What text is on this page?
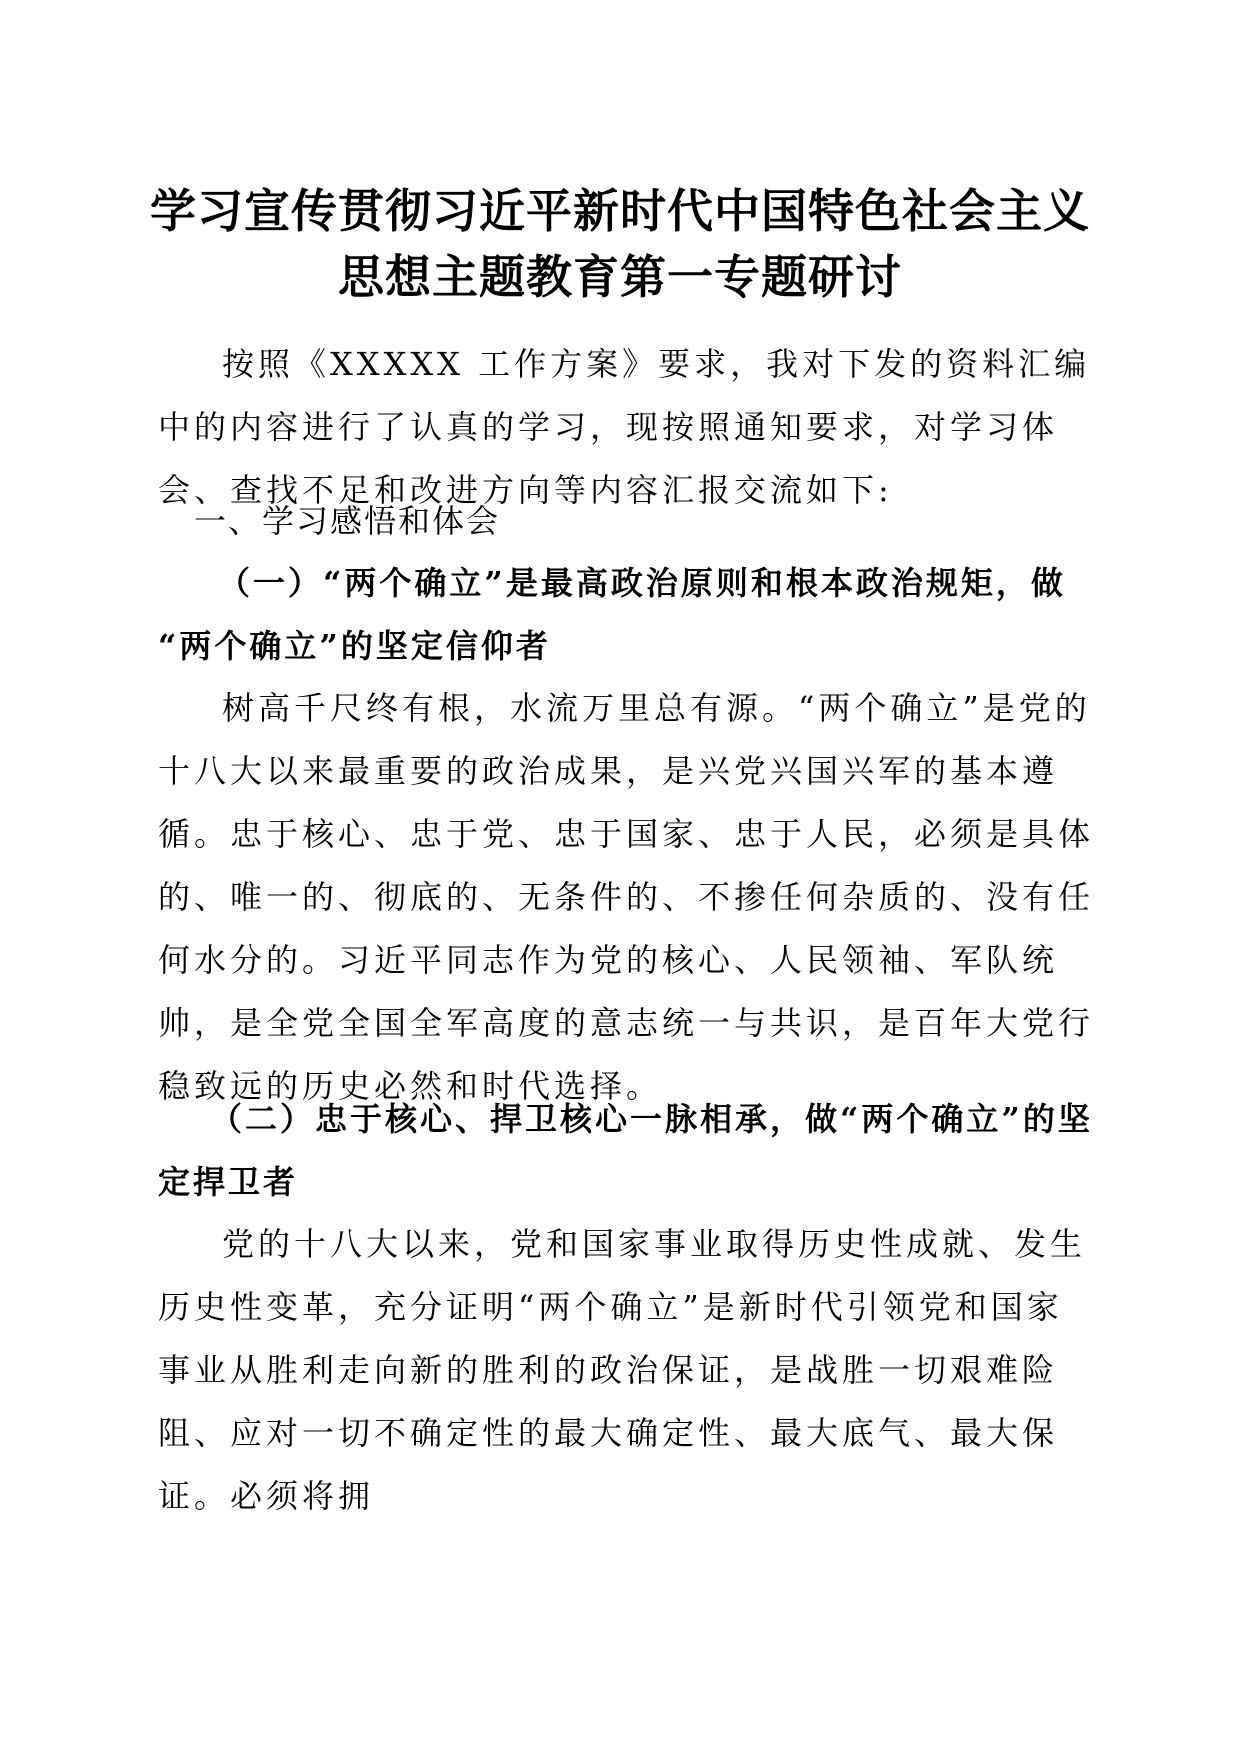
学习宣传贯彻习近平新时代中国特色社会主义
思想主题教育第一专题研讨
按照《XXXXX 工作方案》要求，我对下发的资料汇编中的内容进行了认真的学习，现按照通知要求，对学习体会、查找不足和改进方向等内容汇报交流如下:
一、学习感悟和体会
（一）“两个确立”是最高政治原则和根本政治规矩，做
“两个确立”的坚定信仰者
树高千尺终有根，水流万里总有源。“两个确立”是党的十八大以来最重要的政治成果，是兴党兴国兴军的基本遵循。忠于核心、忠于党、忠于国家、忠于人民，必须是具体的、唯一的、彻底的、无条件的、不掺任何杂质的、没有任何水分的。习近平同志作为党的核心、人民领袖、军队统帅，是全党全国全军高度的意志统一与共识，是百年大党行稳致远的历史必然和时代选择。
（二）忠于核心、捍卫核心一脉相承，做“两个确立”的坚
定捍卫者
党的十八大以来，党和国家事业取得历史性成就、发生历史性变革，充分证明“两个确立”是新时代引领党和国家事业从胜利走向新的胜利的政治保证，是战胜一切艰难险阻、应对一切不确定性的最大确定性、最大底气、最大保证。必须将拥
